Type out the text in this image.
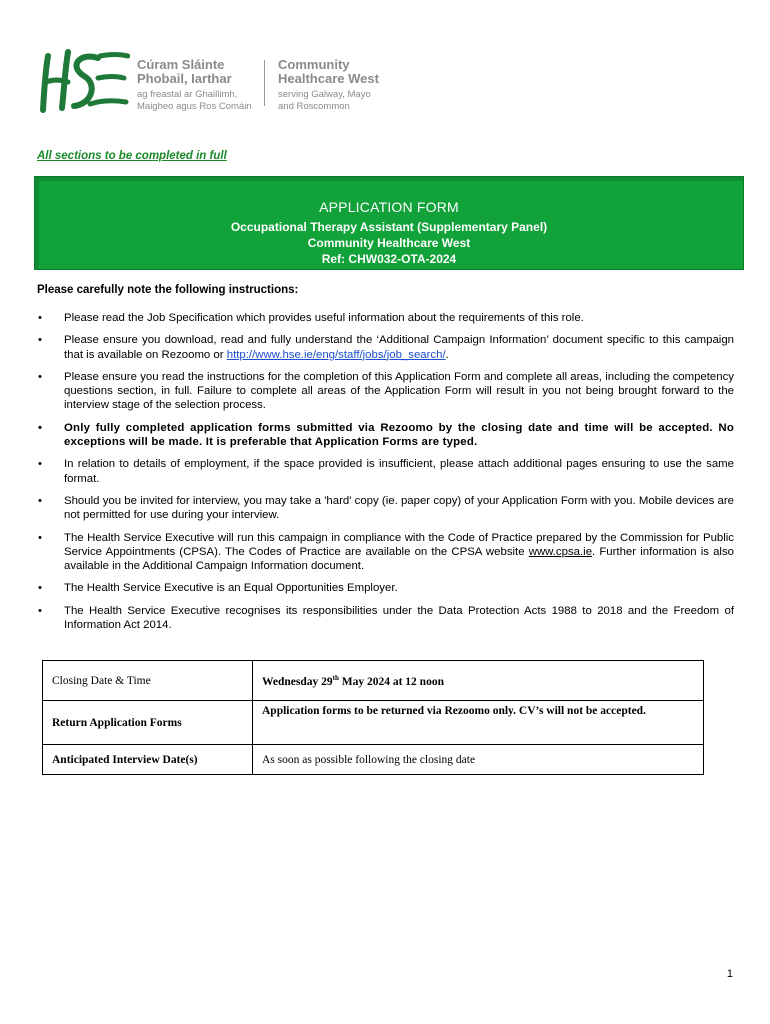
Cúram Sláinte
Phobail, Iarthar
ag freastal ar Ghaillimh,
Maigheo agus Ros Comáin
Community
Healthcare West
serving Galway, Mayo
and Roscommon
All sections to be completed in full
APPLICATION FORM
Occupational Therapy Assistant (Supplementary Panel)
Community Healthcare West
Ref: CHW032-OTA-2024
Please carefully note the following instructions:
• Please read the Job Specification which provides useful information about the requirements of this role.
• Please ensure you download, read and fully understand the ‘Additional Campaign Information’ document specific to this campaign that is available on Rezoomo or http://www.hse.ie/eng/staff/jobs/job_search/.
• Please ensure you read the instructions for the completion of this Application Form and complete all areas, including the competency questions section, in full. Failure to complete all areas of the Application Form will result in you not being brought forward to the interview stage of the selection process.
• Only fully completed application forms submitted via Rezoomo by the closing date and time will be accepted. No exceptions will be made. It is preferable that Application Forms are typed.
• In relation to details of employment, if the space provided is insufficient, please attach additional pages ensuring to use the same format.
• Should you be invited for interview, you may take a 'hard' copy (ie. paper copy) of your Application Form with you. Mobile devices are not permitted for use during your interview.
• The Health Service Executive will run this campaign in compliance with the Code of Practice prepared by the Commission for Public Service Appointments (CPSA). The Codes of Practice are available on the CPSA website www.cpsa.ie. Further information is also available in the Additional Campaign Information document.
• The Health Service Executive is an Equal Opportunities Employer.
• The Health Service Executive recognises its responsibilities under the Data Protection Acts 1988 to 2018 and the Freedom of Information Act 2014.
Closing Date & Time	Wednesday 29th May 2024 at 12 noon
Return Application Forms	Application forms to be returned via Rezoomo only. CV’s will not be accepted.
Anticipated Interview Date(s)	As soon as possible following the closing date
1
